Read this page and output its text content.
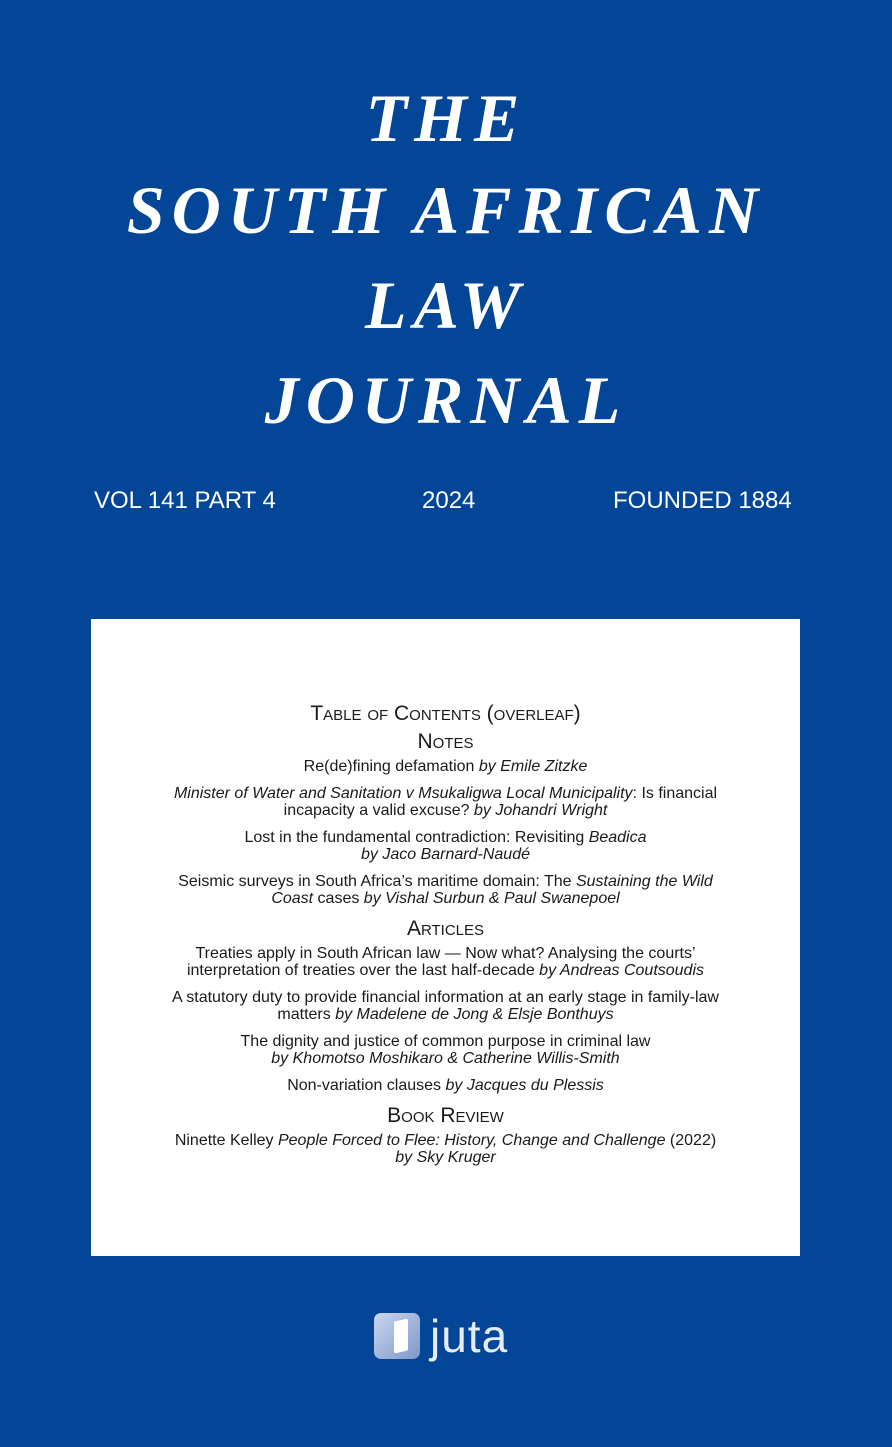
THE
SOUTH AFRICAN
LAW
JOURNAL
VOL 141 PART 4	2024	FOUNDED 1884
Table of Contents (overleaf)
Notes
Re(de)fining defamation by Emile Zitzke
Minister of Water and Sanitation v Msukaligwa Local Municipality: Is financial
incapacity a valid excuse? by Johandri Wright
Lost in the fundamental contradiction: Revisiting Beadica
by Jaco Barnard-Naudé
Seismic surveys in South Africa’s maritime domain: The Sustaining the Wild
Coast cases by Vishal Surbun & Paul Swanepoel
Articles
Treaties apply in South African law — Now what? Analysing the courts’
interpretation of treaties over the last half-decade by Andreas Coutsoudis
A statutory duty to provide financial information at an early stage in family-law
matters by Madelene de Jong & Elsje Bonthuys
The dignity and justice of common purpose in criminal law
by Khomotso Moshikaro & Catherine Willis-Smith
Non-variation clauses by Jacques du Plessis
Book Review
Ninette Kelley People Forced to Flee: History, Change and Challenge (2022)
by Sky Kruger
juta
